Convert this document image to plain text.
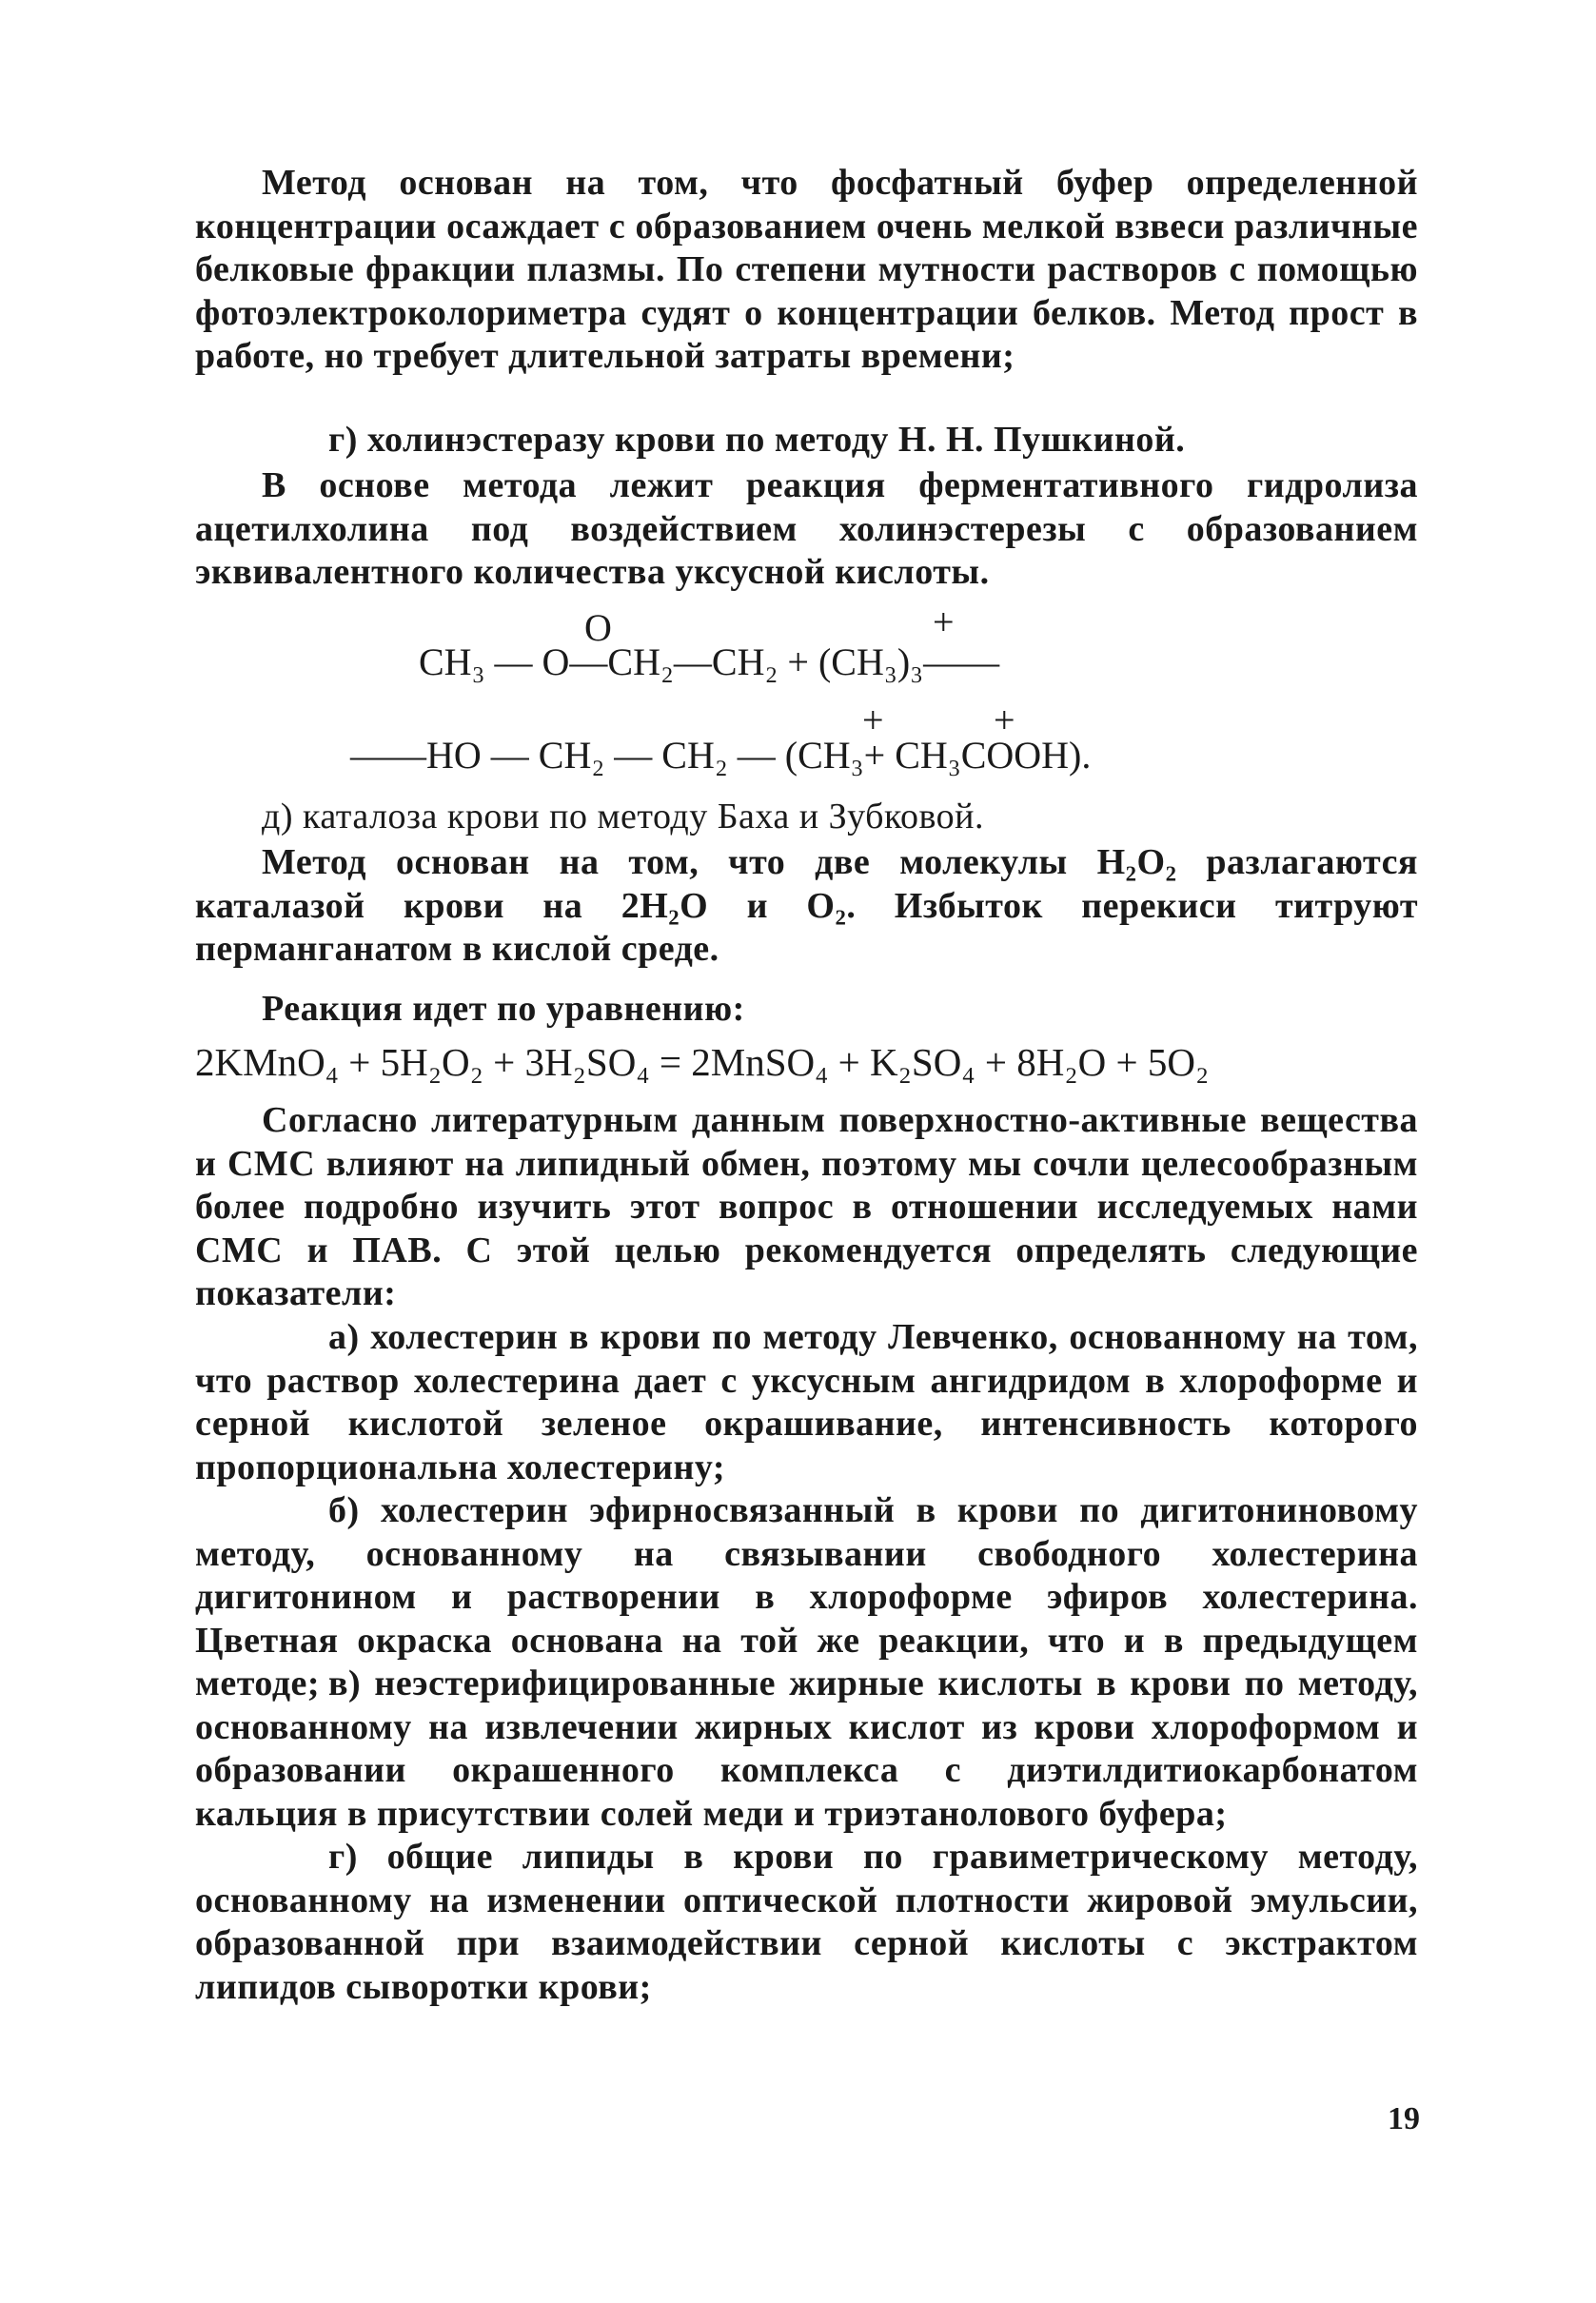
Метод основан на том, что фосфатный буфер определенной концентрации осаждает с образованием очень мелкой взвеси различные белковые фракции плазмы. По степени мутности растворов с помощью фотоэлектроколориметра судят о концентрации белков. Метод прост в работе, но требует длительной затраты времени;

г) холинэстеразу крови по методу Н. Н. Пушкиной.

В основе метода лежит реакция ферментативного гидролиза ацетилхолина под воздействием холинэстерезы с образованием эквивалентного количества уксусной кислоты.

O	+
CH₃ — O—CH₂—CH₂ + (CH₃)₃——
+	+
——HO — CH₂ — CH₂ — (CH₃+ CH₃COOH).

д) каталоза крови по методу Баха и Зубковой.

Метод основан на том, что две молекулы H₂O₂ разлагаются каталазой крови на 2H₂O и O₂. Избыток перекиси титруют перманганатом в кислой среде.

Реакция идет по уравнению:

2KMnO₄ + 5H₂O₂ + 3H₂SO₄ = 2MnSO₄ + K₂SO₄ + 8H₂O + 5O₂

Согласно литературным данным поверхностно-активные вещества и СМС влияют на липидный обмен, поэтому мы сочли целесообразным более подробно изучить этот вопрос в отношении исследуемых нами СМС и ПАВ. С этой целью рекомендуется определять следующие показатели:

а) холестерин в крови по методу Левченко, основанному на том, что раствор холестерина дает с уксусным ангидридом в хлороформе и серной кислотой зеленое окрашивание, интенсивность которого пропорциональна холестерину;

б) холестерин эфирносвязанный в крови по дигитониновому методу, основанному на связывании свободного холестерина дигитонином и растворении в хлороформе эфиров холестерина. Цветная окраска основана на той же реакции, что и в предыдущем методе; в) неэстерифицированные жирные кислоты в крови по методу, основанному на извлечении жирных кислот из крови хлороформом и образовании окрашенного комплекса с диэтилдитиокарбонатом кальция в присутствии солей меди и триэтанолового буфера;

г) общие липиды в крови по гравиметрическому методу, основанному на изменении оптической плотности жировой эмульсии, образованной при взаимодействии серной кислоты с экстрактом липидов сыворотки крови;

19
